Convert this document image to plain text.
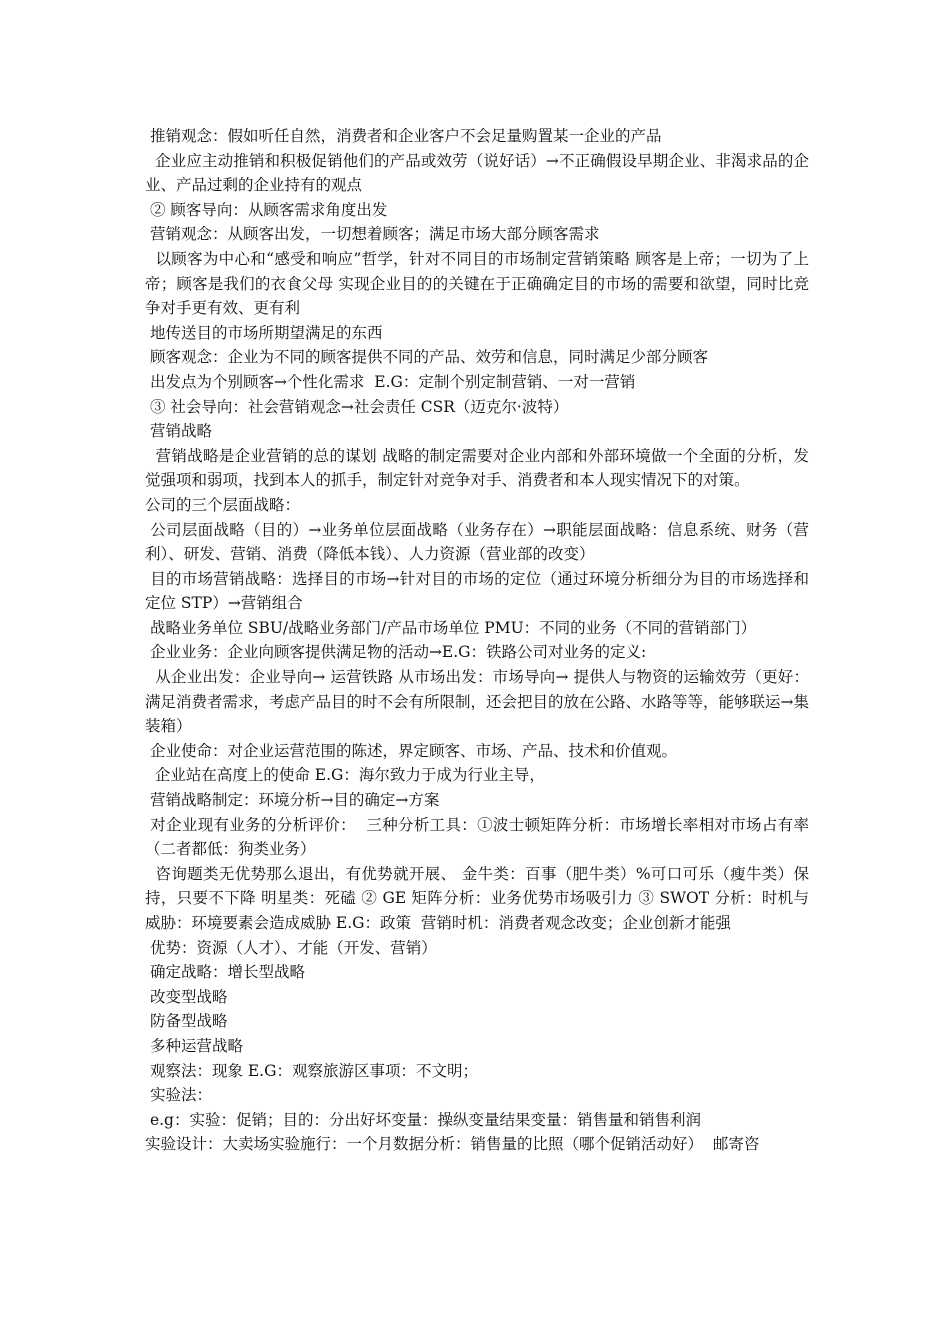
推销观念：假如听任自然，消费者和企业客户不会足量购置某一企业的产品

企业应主动推销和积极促销他们的产品或效劳（说好话）→不正确假设早期企业、非渴求品的企业、产品过剩的企业持有的观点

② 顾客导向：从顾客需求角度出发

营销观念：从顾客出发，一切想着顾客；满足市场大部分顾客需求

以顾客为中心和“感受和响应”哲学，针对不同目的市场制定营销策略 顾客是上帝；一切为了上帝；顾客是我们的衣食父母 实现企业目的的关键在于正确确定目的市场的需要和欲望，同时比竞争对手更有效、更有利

地传送目的市场所期望满足的东西

顾客观念：企业为不同的顾客提供不同的产品、效劳和信息，同时满足少部分顾客

出发点为个别顾客→个性化需求  E.G：定制个别定制营销、一对一营销

③ 社会导向：社会营销观念→社会责任 CSR（迈克尔·波特）

营销战略

营销战略是企业营销的总的谋划 战略的制定需要对企业内部和外部环境做一个全面的分析，发觉强项和弱项，找到本人的抓手，制定针对竞争对手、消费者和本人现实情况下的对策。

公司的三个层面战略：

公司层面战略（目的）→业务单位层面战略（业务存在）→职能层面战略：信息系统、财务（营利）、研发、营销、消费（降低本钱）、人力资源（营业部的改变）

目的市场营销战略：选择目的市场→针对目的市场的定位（通过环境分析细分为目的市场选择和定位 STP）→营销组合

战略业务单位 SBU/战略业务部门/产品市场单位 PMU：不同的业务（不同的营销部门）

企业业务：企业向顾客提供满足物的活动→E.G：铁路公司对业务的定义:

从企业出发：企业导向→ 运营铁路 从市场出发：市场导向→ 提供人与物资的运输效劳（更好：满足消费者需求，考虑产品目的时不会有所限制，还会把目的放在公路、水路等等，能够联运→集装箱）

企业使命：对企业运营范围的陈述，界定顾客、市场、产品、技术和价值观。

企业站在高度上的使命 E.G：海尔致力于成为行业主导，

营销战略制定：环境分析→目的确定→方案

对企业现有业务的分析评价：  三种分析工具：①波士顿矩阵分析：市场增长率相对市场占有率（二者都低：狗类业务）

咨询题类无优势那么退出，有优势就开展、 金牛类：百事（肥牛类）%可口可乐（瘦牛类）保持，只要不下降 明星类：死磕 ② GE 矩阵分析：业务优势市场吸引力 ③ SWOT 分析：时机与威胁：环境要素会造成威胁 E.G：政策  营销时机：消费者观念改变；企业创新才能强

优势：资源（人才）、才能（开发、营销）

确定战略：增长型战略

改变型战略

防备型战略

多种运营战略

观察法：现象 E.G：观察旅游区事项：不文明；

实验法：

e.g：实验：促销；目的：分出好坏变量：操纵变量结果变量：销售量和销售利润

实验设计：大卖场实验施行：一个月数据分析：销售量的比照（哪个促销活动好）  邮寄咨
